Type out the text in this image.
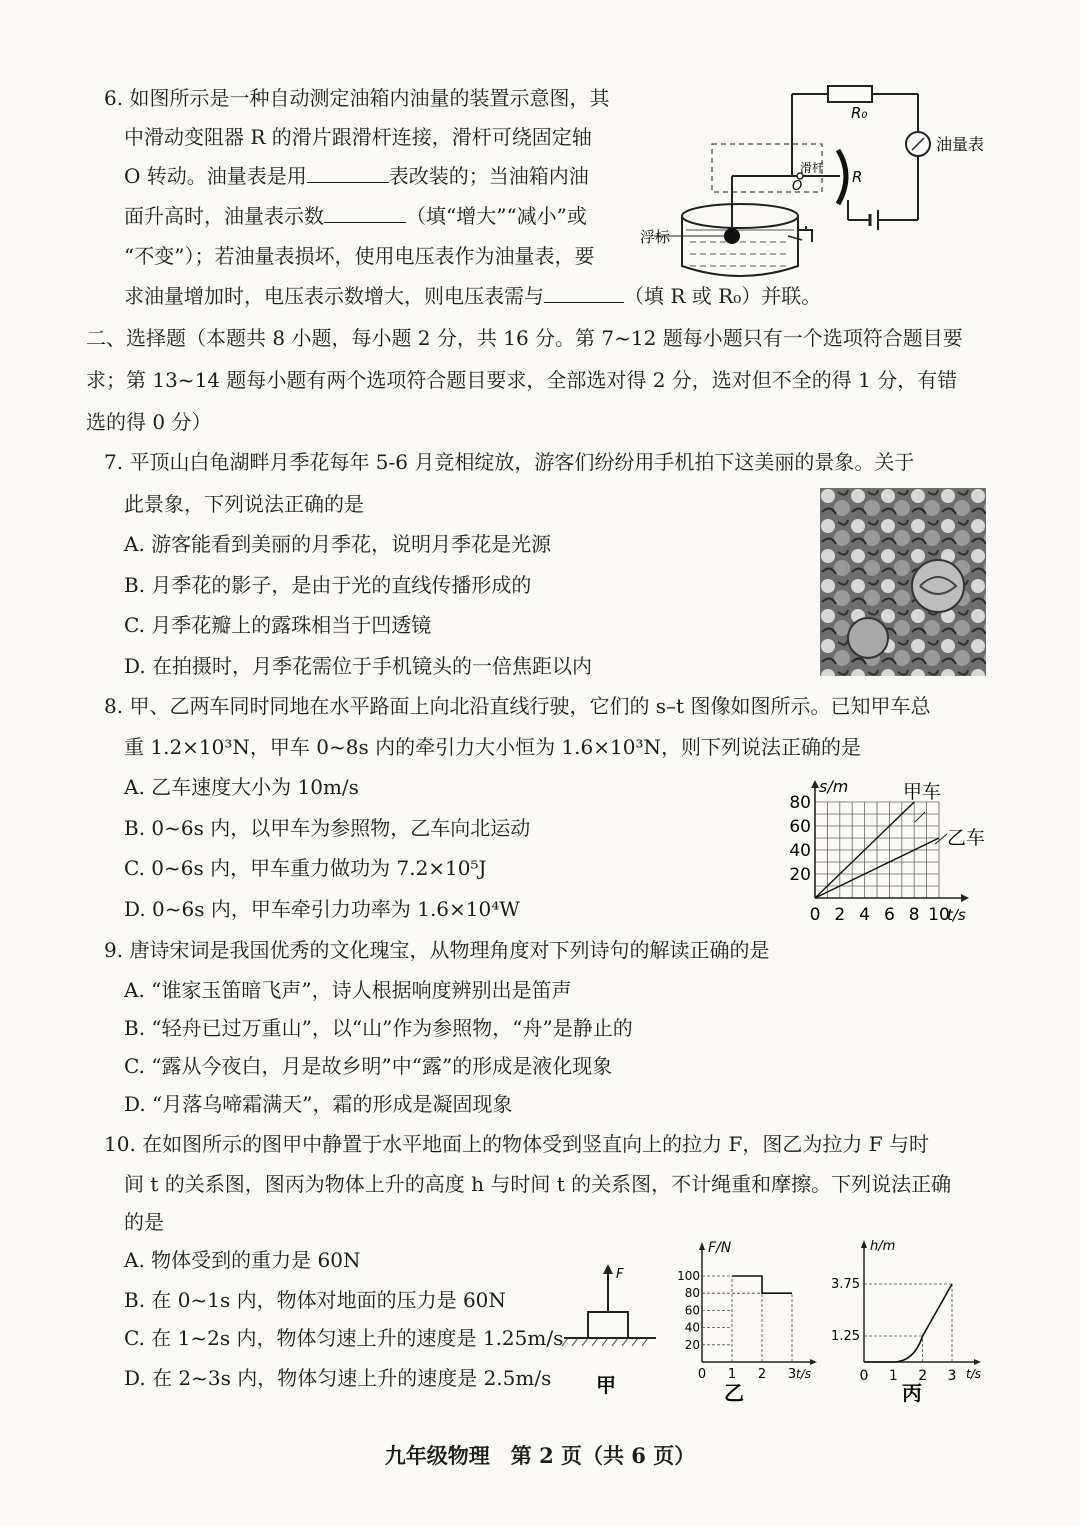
6. 如图所示是一种自动测定油箱内油量的装置示意图，其
中滑动变阻器 R 的滑片跟滑杆连接，滑杆可绕固定轴
O 转动。油量表是用	表改装的；当油箱内油
面升高时，油量表示数	（填“增大”“减小”或
“不变”）；若油量表损坏，使用电压表作为油量表，要
求油量增加时，电压表示数增大，则电压表需与	（填 R 或 R₀）并联。
R₀
油量表
滑杆
O
R
浮标
二、选择题（本题共 8 小题，每小题 2 分，共 16 分。第 7~12 题每小题只有一个选项符合题目要
求；第 13~14 题每小题有两个选项符合题目要求，全部选对得 2 分，选对但不全的得 1 分，有错
选的得 0 分）
7. 平顶山白龟湖畔月季花每年 5-6 月竞相绽放，游客们纷纷用手机拍下这美丽的景象。关于
此景象，下列说法正确的是
A. 游客能看到美丽的月季花，说明月季花是光源
B. 月季花的影子，是由于光的直线传播形成的
C. 月季花瓣上的露珠相当于凹透镜
D. 在拍摄时，月季花需位于手机镜头的一倍焦距以内
8. 甲、乙两车同时同地在水平路面上向北沿直线行驶，它们的 s–t 图像如图所示。已知甲车总
重 1.2×10³N，甲车 0~8s 内的牵引力大小恒为 1.6×10³N，则下列说法正确的是
A. 乙车速度大小为 10m/s
B. 0~6s 内，以甲车为参照物，乙车向北运动
C. 0~6s 内，甲车重力做功为 7.2×10⁵J
D. 0~6s 内，甲车牵引力功率为 1.6×10⁴W
20
40
60
80
0 2 4 6 8 10
s/m
t/s
甲车
乙车
9. 唐诗宋词是我国优秀的文化瑰宝，从物理角度对下列诗句的解读正确的是
A. “谁家玉笛暗飞声”，诗人根据响度辨别出是笛声
B. “轻舟已过万重山”，以“山”作为参照物，“舟”是静止的
C. “露从今夜白，月是故乡明”中“露”的形成是液化现象
D. “月落乌啼霜满天”，霜的形成是凝固现象
10. 在如图所示的图甲中静置于水平地面上的物体受到竖直向上的拉力 F，图乙为拉力 F 与时
间 t 的关系图，图丙为物体上升的高度 h 与时间 t 的关系图，不计绳重和摩擦。下列说法正确
的是
A. 物体受到的重力是 60N
B. 在 0~1s 内，物体对地面的压力是 60N
C. 在 1~2s 内，物体匀速上升的速度是 1.25m/s
D. 在 2~3s 内，物体匀速上升的速度是 2.5m/s
F
甲
F/N
t/s
20
40
60
80
100
0 1 2 3
乙
h/m
t/s
1.25
3.75
0 1 2 3
丙
九年级物理　第 2 页（共 6 页）
